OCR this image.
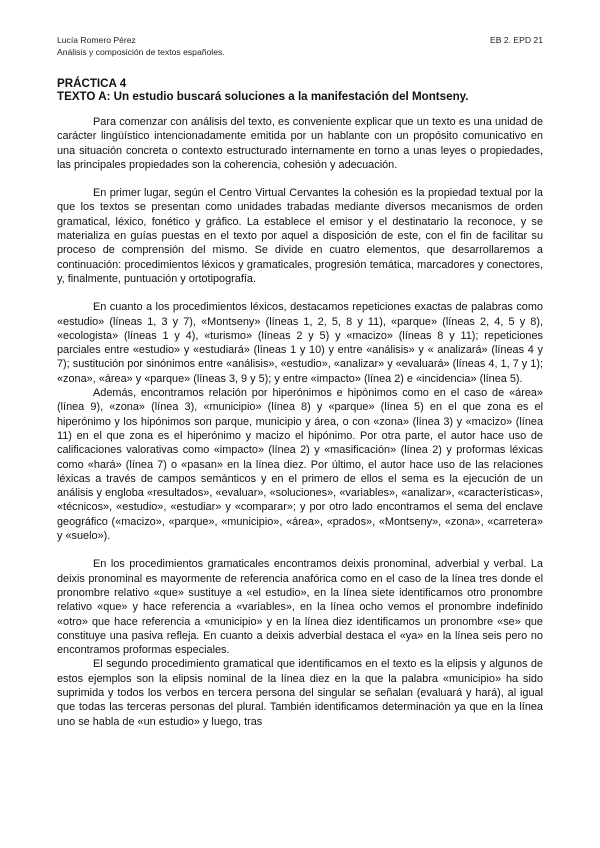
Lucía Romero Pérez
Análisis y composición de textos españoles.
EB 2. EPD 21
PRÁCTICA 4
TEXTO A: Un estudio buscará soluciones a la manifestación del Montseny.

Para comenzar con análisis del texto, es conveniente explicar que un texto es una unidad de carácter lingüístico intencionadamente emitida por un hablante con un propósito comunicativo en una situación concreta o contexto estructurado internamente en torno a unas leyes o propiedades, las principales propiedades son la coherencia, cohesión y adecuación.

En primer lugar, según el Centro Virtual Cervantes la cohesión es la propiedad textual por la que los textos se presentan como unidades trabadas mediante diversos mecanismos de orden gramatical, léxico, fonético y gráfico. La establece el emisor y el destinatario la reconoce, y se materializa en guías puestas en el texto por aquel a disposición de este, con el fin de facilitar su proceso de comprensión del mismo. Se divide en cuatro elementos, que desarrollaremos a continuación: procedimientos léxicos y gramaticales, progresión temática, marcadores y conectores, y, finalmente, puntuación y ortotipografía.

En cuanto a los procedimientos léxicos, destacamos repeticiones exactas de palabras como «estudio» (líneas 1, 3 y 7), «Montseny» (líneas 1, 2, 5, 8 y 11), «parque» (líneas 2, 4, 5 y 8), «ecologista» (líneas 1 y 4), «turismo» (líneas 2 y 5) y «macizo» (líneas 8 y 11); repeticiones parciales entre «estudio» y «estudiará» (líneas 1 y 10) y entre «análisis» y « analizará» (líneas 4 y 7); sustitución por sinónimos entre «análisis», «estudio», «analizar» y «evaluará» (líneas 4, 1, 7 y 1); «zona», «área» y «parque» (líneas 3, 9 y 5); y entre «impacto» (línea 2) e «incidencia» (línea 5).

Además, encontramos relación por hiperónimos e hipónimos como en el caso de «área» (línea 9), «zona» (línea 3), «municipio» (línea 8) y «parque» (línea 5) en el que zona es el hiperónimo y los hipónimos son parque, municipio y área, o con «zona» (línea 3) y «macizo» (línea 11) en el que zona es el hiperónimo y macizo el hipónimo. Por otra parte, el autor hace uso de calificaciones valorativas como «impacto» (línea 2) y «masificación» (línea 2) y proformas léxicas como «hará» (línea 7) o «pasan» en la línea diez. Por último, el autor hace uso de las relaciones léxicas a través de campos semánticos y en el primero de ellos el sema es la ejecución de un análisis y engloba «resultados», «evaluar», «soluciones», «variables», «analizar», «características», «técnicos», «estudio», «estudiar» y «comparar»; y por otro lado encontramos el sema del enclave geográfico («macizo», «parque», «municipio», «área», «prados», «Montseny», «zona», «carretera» y «suelo»).

En los procedimientos gramaticales encontramos deixis pronominal, adverbial y verbal. La deixis pronominal es mayormente de referencia anafórica como en el caso de la línea tres donde el pronombre relativo «que» sustituye a «el estudio», en la línea siete identificamos otro pronombre relativo «que» y hace referencia a «variables», en la línea ocho vemos el pronombre indefinido «otro» que hace referencia a «municipio» y en la línea diez identificamos un pronombre «se» que constituye una pasiva refleja. En cuanto a deixis adverbial destaca el «ya» en la línea seis pero no encontramos proformas especiales.

El segundo procedimiento gramatical que identificamos en el texto es la elipsis y algunos de estos ejemplos son la elipsis nominal de la línea diez en la que la palabra «municipio» ha sido suprimida y todos los verbos en tercera persona del singular se señalan (evaluará y hará), al igual que todas las terceras personas del plural. También identificamos determinación ya que en la línea uno se habla de «un estudio» y luego, tras
